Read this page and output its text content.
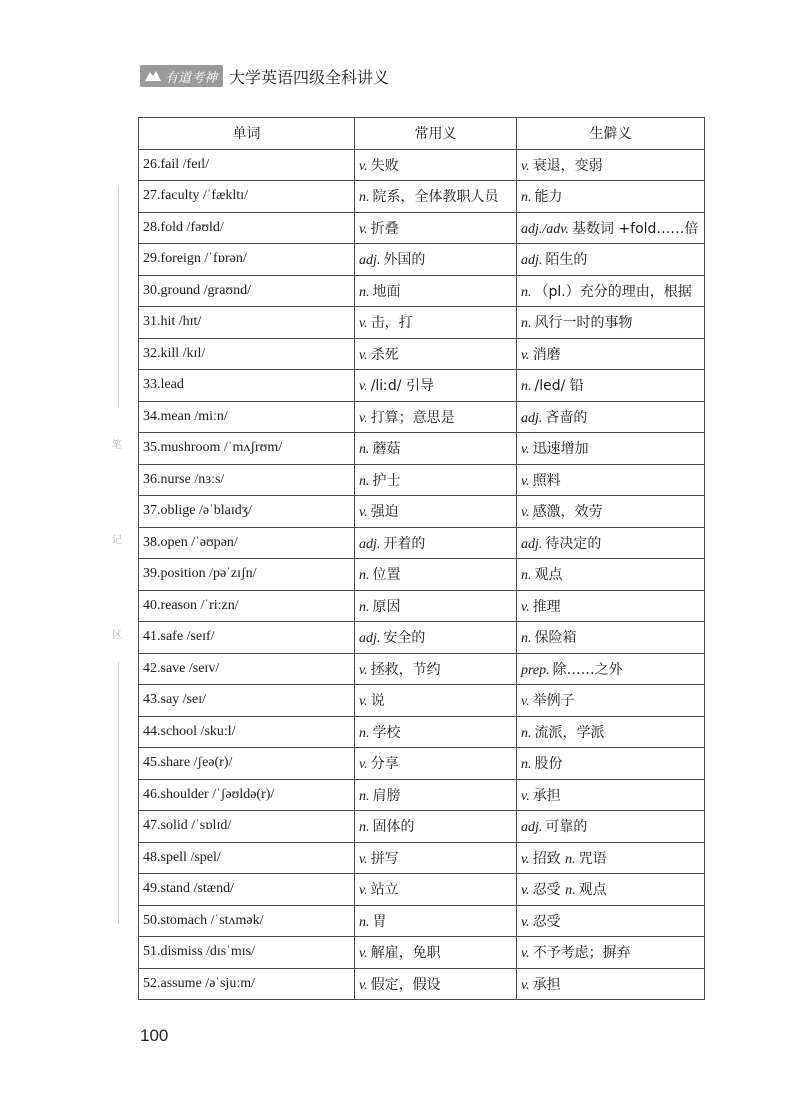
有道考神 大学英语四级全科讲义
笔
记
区
单词	常用义	生僻义
26.fail /feɪl/	v. 失败	v. 衰退，变弱
27.faculty /ˈfækltɪ/	n. 院系，全体教职人员	n. 能力
28.fold /fəʊld/	v. 折叠	adj./adv. 基数词 +fold……倍
29.foreign /ˈfɒrən/	adj. 外国的	adj. 陌生的
30.ground /graʊnd/	n. 地面	n. （pl.）充分的理由，根据
31.hit /hɪt/	v. 击，打	n. 风行一时的事物
32.kill /kɪl/	v. 杀死	v. 消磨
33.lead	v. /liːd/ 引导	n. /led/ 铅
34.mean /miːn/	v. 打算；意思是	adj. 吝啬的
35.mushroom /ˈmʌʃrʊm/	n. 蘑菇	v. 迅速增加
36.nurse /nɜːs/	n. 护士	v. 照料
37.oblige /əˈblaɪdʒ/	v. 强迫	v. 感激，效劳
38.open /ˈəʊpən/	adj. 开着的	adj. 待决定的
39.position /pəˈzɪʃn/	n. 位置	n. 观点
40.reason /ˈriːzn/	n. 原因	v. 推理
41.safe /seɪf/	adj. 安全的	n. 保险箱
42.save /seɪv/	v. 拯救，节约	prep. 除……之外
43.say /seɪ/	v. 说	v. 举例子
44.school /skuːl/	n. 学校	n. 流派，学派
45.share /ʃeə(r)/	v. 分享	n. 股份
46.shoulder /ˈʃəʊldə(r)/	n. 肩膀	v. 承担
47.solid /ˈsɒlɪd/	n. 固体的	adj. 可靠的
48.spell /spel/	v. 拼写	v. 招致 n. 咒语
49.stand /stænd/	v. 站立	v. 忍受 n. 观点
50.stomach /ˈstʌmək/	n. 胃	v. 忍受
51.dismiss /dɪsˈmɪs/	v. 解雇，免职	v. 不予考虑；摒弃
52.assume /əˈsjuːm/	v. 假定，假设	v. 承担
100
